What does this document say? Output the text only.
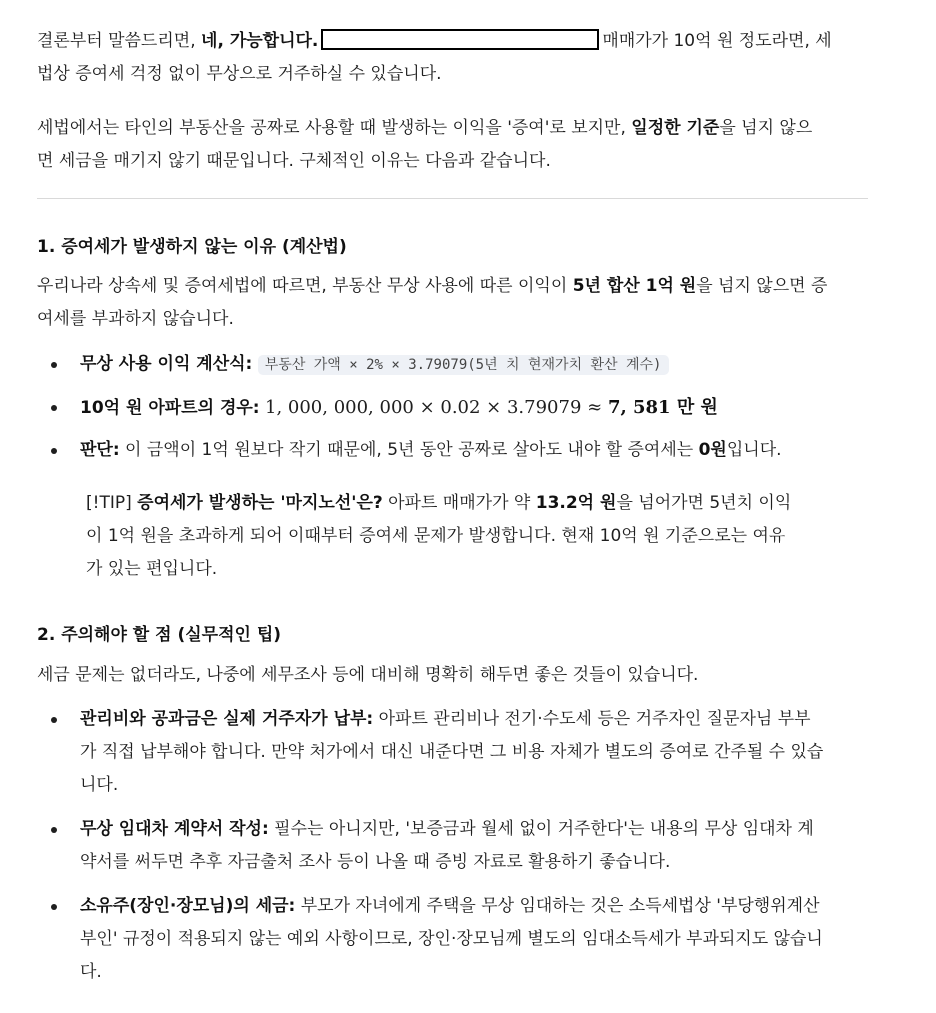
결론부터 말씀드리면, 네, 가능합니다.	매매가가 10억 원 정도라면, 세
법상 증여세 걱정 없이 무상으로 거주하실 수 있습니다.

세법에서는 타인의 부동산을 공짜로 사용할 때 발생하는 이익을 '증여'로 보지만, 일정한 기준을 넘지 않으
면 세금을 매기지 않기 때문입니다. 구체적인 이유는 다음과 같습니다.

1. 증여세가 발생하지 않는 이유 (계산법)

우리나라 상속세 및 증여세법에 따르면, 부동산 무상 사용에 따른 이익이 5년 합산 1억 원을 넘지 않으면 증
여세를 부과하지 않습니다.

무상 사용 이익 계산식: 부동산 가액 × 2% × 3.79079(5년 치 현재가치 환산 계수)
10억 원 아파트의 경우: 1, 000, 000, 000 × 0.02 × 3.79079 ≈ 7, 581 만 원
판단: 이 금액이 1억 원보다 작기 때문에, 5년 동안 공짜로 살아도 내야 할 증여세는 0원입니다.
[!TIP] 증여세가 발생하는 '마지노선'은? 아파트 매매가가 약 13.2억 원을 넘어가면 5년치 이익
이 1억 원을 초과하게 되어 이때부터 증여세 문제가 발생합니다. 현재 10억 원 기준으로는 여유
가 있는 편입니다.
2. 주의해야 할 점 (실무적인 팁)

세금 문제는 없더라도, 나중에 세무조사 등에 대비해 명확히 해두면 좋은 것들이 있습니다.

관리비와 공과금은 실제 거주자가 납부: 아파트 관리비나 전기·수도세 등은 거주자인 질문자님 부부
가 직접 납부해야 합니다. 만약 처가에서 대신 내준다면 그 비용 자체가 별도의 증여로 간주될 수 있습
니다.
무상 임대차 계약서 작성: 필수는 아니지만, '보증금과 월세 없이 거주한다'는 내용의 무상 임대차 계
약서를 써두면 추후 자금출처 조사 등이 나올 때 증빙 자료로 활용하기 좋습니다.
소유주(장인·장모님)의 세금: 부모가 자녀에게 주택을 무상 임대하는 것은 소득세법상 '부당행위계산
부인' 규정이 적용되지 않는 예외 사항이므로, 장인·장모님께 별도의 임대소득세가 부과되지도 않습니
다.
